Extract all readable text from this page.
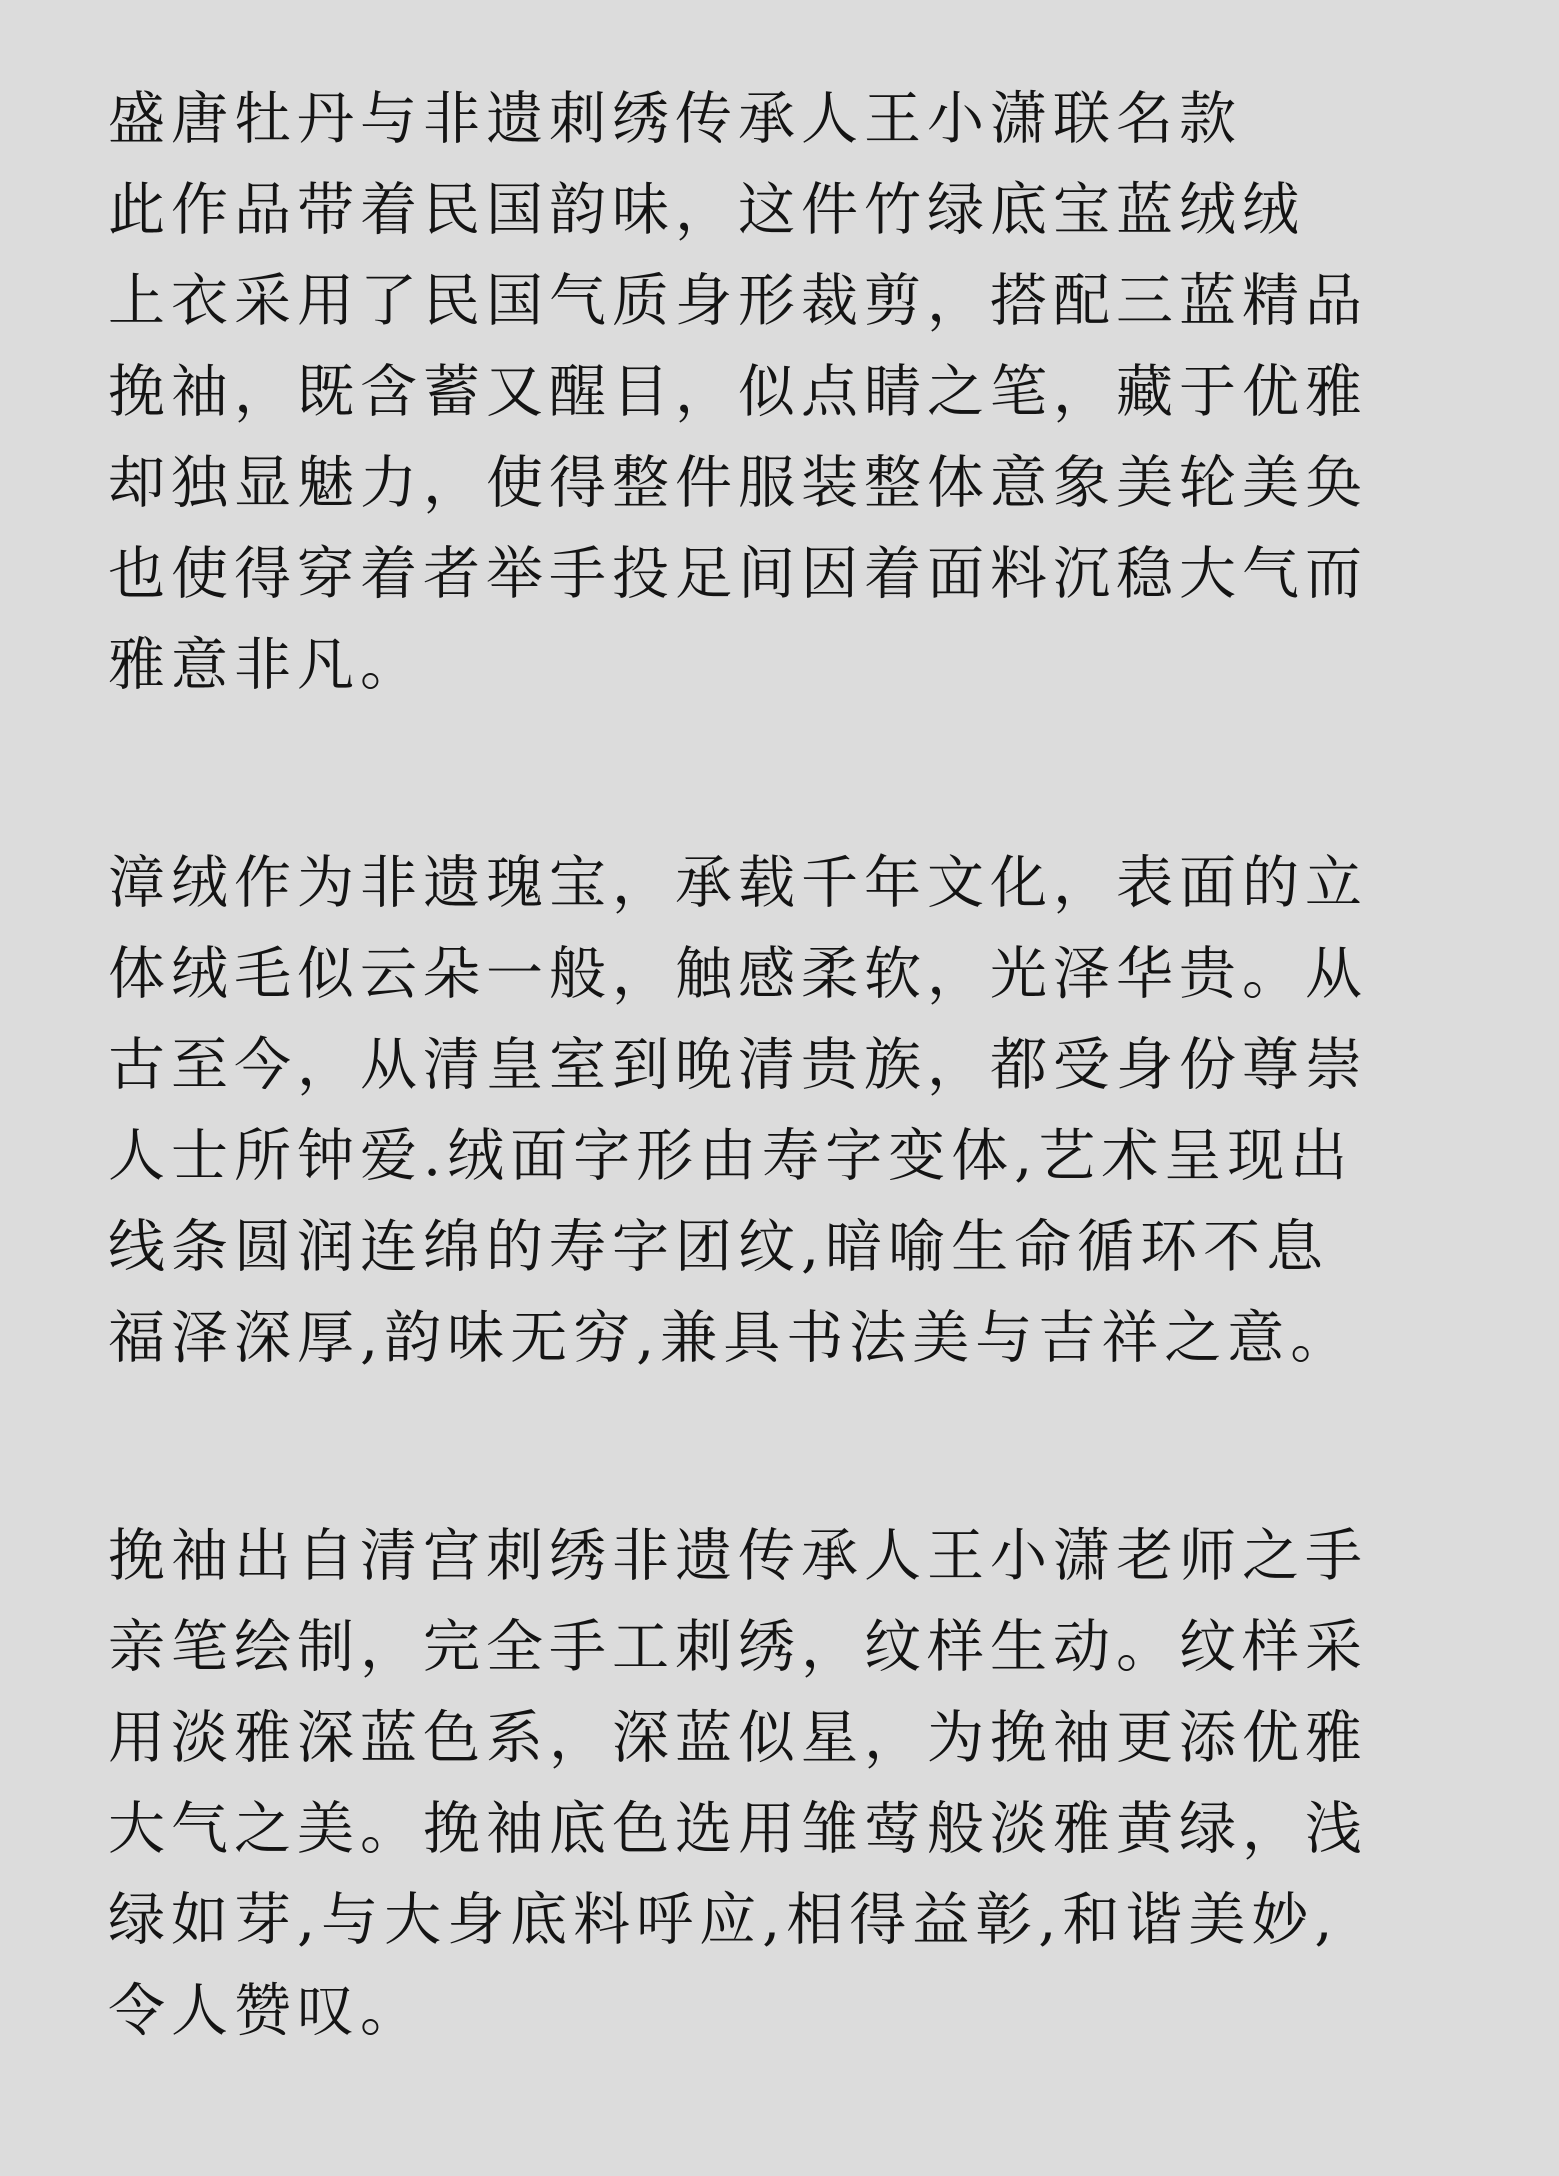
盛唐牡丹与非遗刺绣传承人王小潇联名款
此作品带着民国韵味，这件竹绿底宝蓝绒绒
上衣采用了民国气质身形裁剪，搭配三蓝精品
挽袖，既含蓄又醒目，似点睛之笔，藏于优雅
却独显魅力，使得整件服装整体意象美轮美奂
也使得穿着者举手投足间因着面料沉稳大气而
雅意非凡。
漳绒作为非遗瑰宝，承载千年文化，表面的立
体绒毛似云朵一般，触感柔软，光泽华贵。从
古至今，从清皇室到晚清贵族，都受身份尊崇
人士所钟爱.绒面字形由寿字变体,艺术呈现出
线条圆润连绵的寿字团纹,暗喻生命循环不息
福泽深厚,韵味无穷,兼具书法美与吉祥之意。
挽袖出自清宫刺绣非遗传承人王小潇老师之手
亲笔绘制，完全手工刺绣，纹样生动。纹样采
用淡雅深蓝色系，深蓝似星，为挽袖更添优雅
大气之美。挽袖底色选用雏莺般淡雅黄绿，浅
绿如芽,与大身底料呼应,相得益彰,和谐美妙,
令人赞叹。
